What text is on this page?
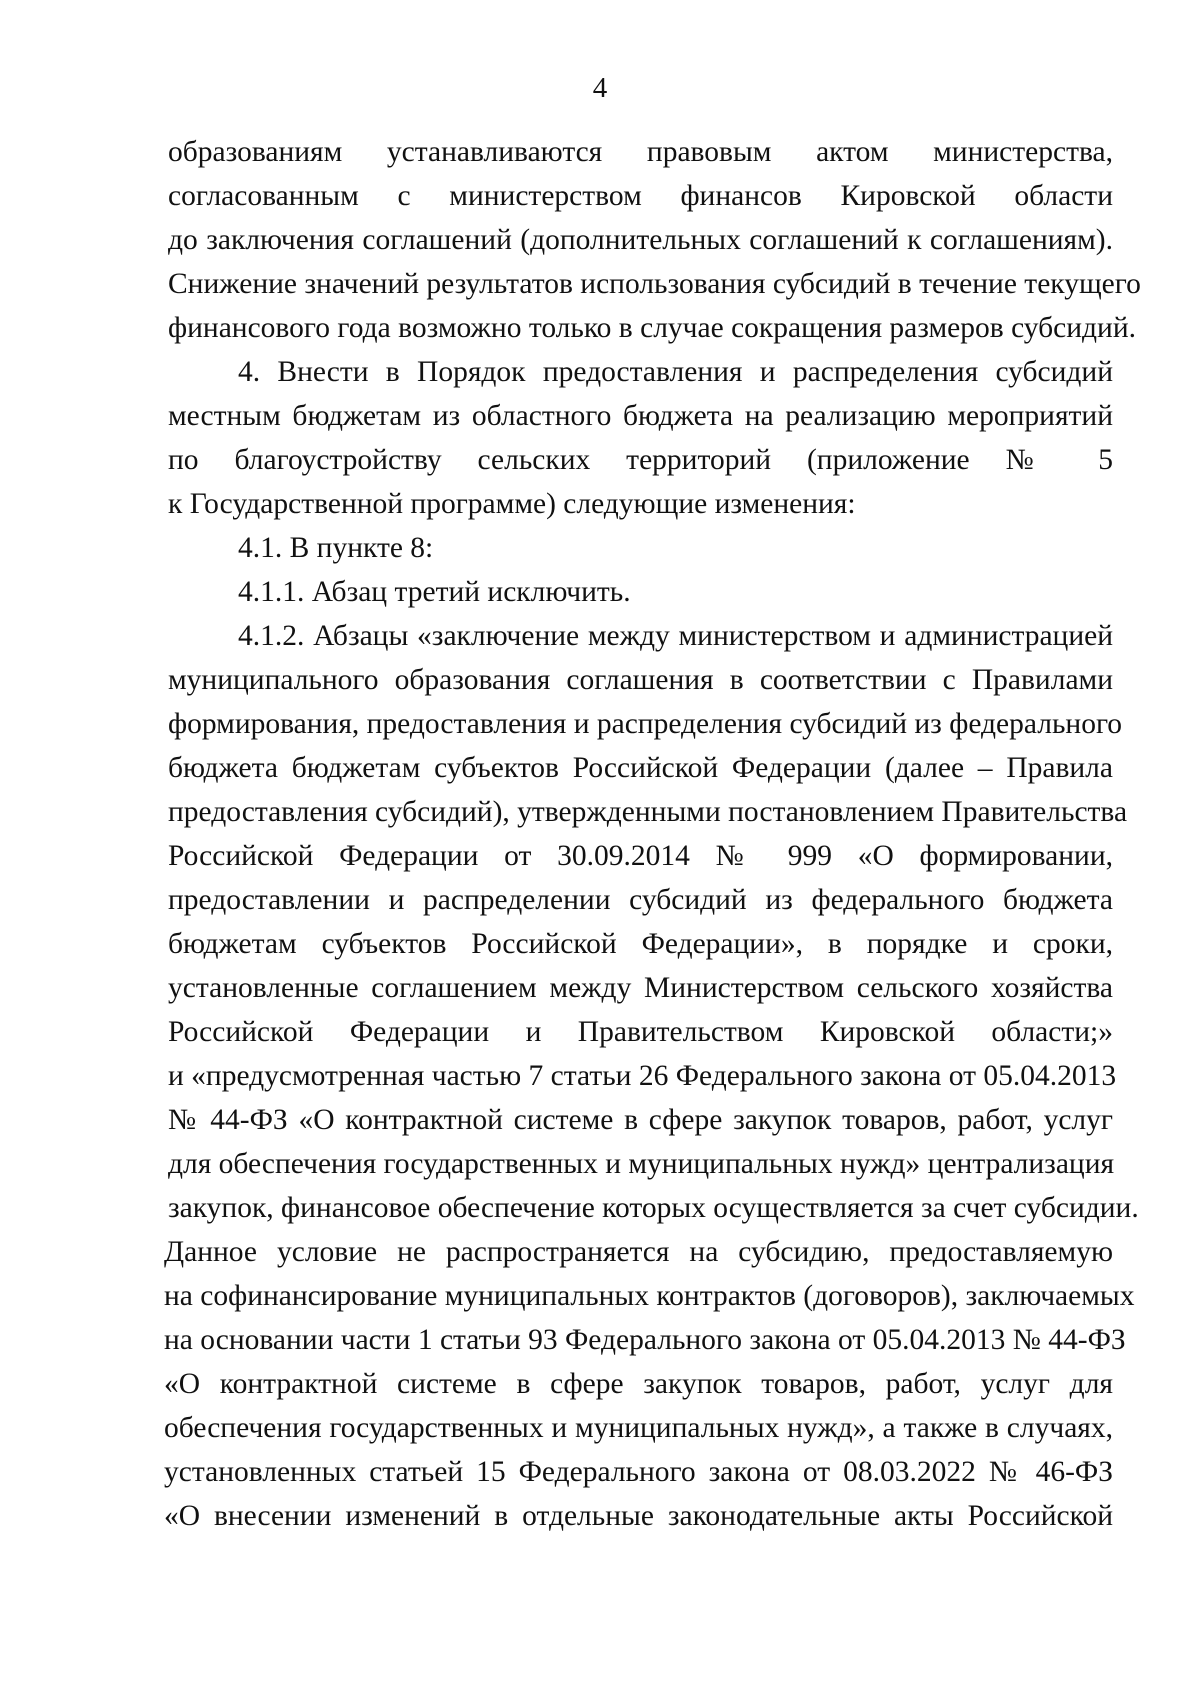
4
образованиям устанавливаются правовым актом министерства,
согласованным с министерством финансов Кировской области
до заключения соглашений (дополнительных соглашений к соглашениям).
Снижение значений результатов использования субсидий в течение текущего
финансового года возможно только в случае сокращения размеров субсидий.
4. Внести в Порядок предоставления и распределения субсидий
местным бюджетам из областного бюджета на реализацию мероприятий
по благоустройству сельских территорий (приложение № 5
к Государственной программе) следующие изменения:
4.1. В пункте 8:
4.1.1. Абзац третий исключить.
4.1.2. Абзацы «заключение между министерством и администрацией
муниципального образования соглашения в соответствии с Правилами
формирования, предоставления и распределения субсидий из федерального
бюджета бюджетам субъектов Российской Федерации (далее – Правила
предоставления субсидий), утвержденными постановлением Правительства
Российской Федерации от 30.09.2014 № 999 «О формировании,
предоставлении и распределении субсидий из федерального бюджета
бюджетам субъектов Российской Федерации», в порядке и сроки,
установленные соглашением между Министерством сельского хозяйства
Российской Федерации и Правительством Кировской области;»
и «предусмотренная частью 7 статьи 26 Федерального закона от 05.04.2013
№ 44-ФЗ «О контрактной системе в сфере закупок товаров, работ, услуг
для обеспечения государственных и муниципальных нужд» централизация
закупок, финансовое обеспечение которых осуществляется за счет субсидии.
Данное условие не распространяется на субсидию, предоставляемую
на софинансирование муниципальных контрактов (договоров), заключаемых
на основании части 1 статьи 93 Федерального закона от 05.04.2013 № 44-ФЗ
«О контрактной системе в сфере закупок товаров, работ, услуг для
обеспечения государственных и муниципальных нужд», а также в случаях,
установленных статьей 15 Федерального закона от 08.03.2022 № 46-ФЗ
«О внесении изменений в отдельные законодательные акты Российской
